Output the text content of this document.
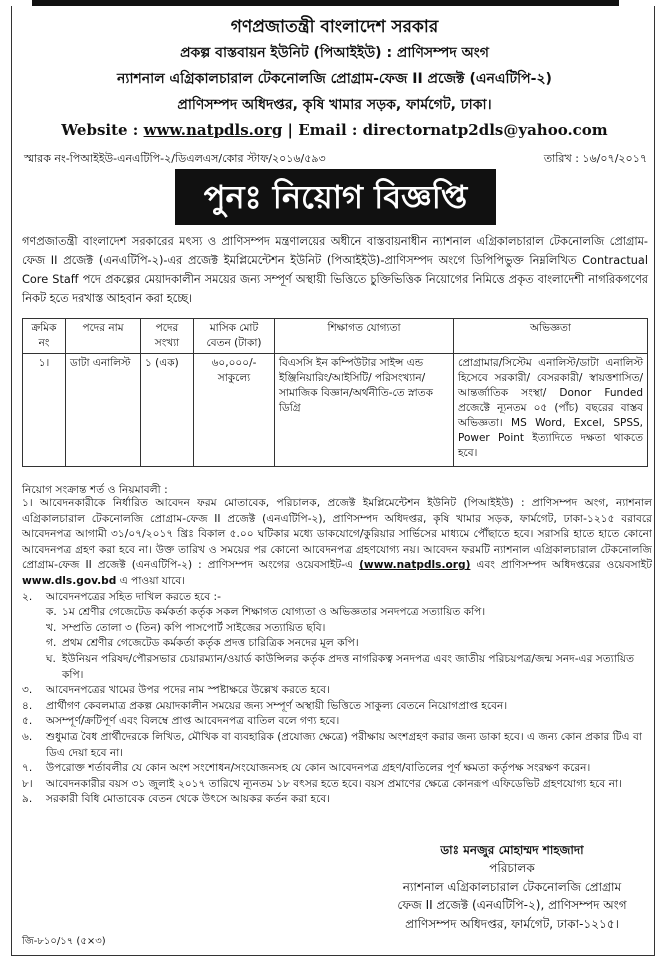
গণপ্রজাতন্ত্রী বাংলাদেশ সরকার
প্রকল্প বাস্তবায়ন ইউনিট (পিআইইউ) : প্রাণিসম্পদ অংগ
ন্যাশনাল এগ্রিকালচারাল টেকনোলজি প্রোগ্রাম-ফেজ II প্রজেক্ট (এনএটিপি-২)
প্রাণিসম্পদ অধিদপ্তর, কৃষি খামার সড়ক, ফার্মগেট, ঢাকা।
Website : www.natpdls.org | Email : directornatp2dls@yahoo.com
স্মারক নং-পিআইইউ-এনএটিপি-২/ডিএলএস/কোর স্টাফ/২০১৬/৫৯৩	তারিখ : ১৬/০৭/২০১৭
পুনঃ নিয়োগ বিজ্ঞপ্তি
গণপ্রজাতন্ত্রী বাংলাদেশ সরকারের মৎস্য ও প্রাণিসম্পদ মন্ত্রণালয়ের অধীনে বাস্তবায়নাধীন ন্যাশনাল এগ্রিকালচারাল টেকনোলজি প্রোগ্রাম-ফেজ II প্রজেক্ট (এনএটিপি-২)-এর প্রজেক্ট ইমপ্লিমেন্টেশন ইউনিট (পিআইইউ)-প্রাণিসম্পদ অংগে ডিপিপিভুক্ত নিম্নলিখিত Contractual Core Staff পদে প্রকল্পের মেয়াদকালীন সময়ের জন্য সম্পূর্ণ অস্থায়ী ভিত্তিতে চুক্তিভিত্তিক নিয়োগের নিমিত্তে প্রকৃত বাংলাদেশী নাগরিকগণের নিকট হতে দরখাস্ত আহবান করা হচ্ছে।
ক্রমিক নং	পদের নাম	পদের সংখ্যা	মাসিক মোট বেতন (টাকা)	শিক্ষাগত যোগ্যতা	অভিজ্ঞতা
১।	ডাটা এনালিস্ট	১ (এক)	৬০,০০০/- সাকুল্যে	বিএসসি ইন কম্পিউটার সাইন্স এন্ড ইঞ্জিনিয়ারিং/আইসিটি/ পরিসংখ্যান/ সামাজিক বিজ্ঞান/অর্থনীতি-তে স্নাতক ডিগ্রি	প্রোগ্রামার/সিস্টেম এনালিস্ট/ডাটা এনালিস্ট হিসেবে সরকারী/ বেসরকারী/ স্বায়ত্তশাসিত/ আন্তর্জাতিক সংস্থা/ Donor Funded প্রজেক্টে ন্যূনতম ০৫ (পাঁচ) বছরের বাস্তব অভিজ্ঞতা। MS Word, Excel, SPSS, Power Point ইত্যাদিতে দক্ষতা থাকতে হবে।
নিয়োগ সংক্রান্ত শর্ত ও নিয়মাবলী :
১। আবেদনকারীকে নির্ধারিত আবেদন ফরম মোতাবেক, পরিচালক, প্রজেক্ট ইমপ্লিমেন্টেশন ইউনিট (পিআইইউ) : প্রাণিসম্পদ অংগ, ন্যাশনাল এগ্রিকালচারাল টেকনোলজি প্রোগ্রাম-ফেজ II প্রজেক্ট (এনএটিপি-২), প্রাণিসম্পদ অধিদপ্তর, কৃষি খামার সড়ক, ফার্মগেট, ঢাকা-১২১৫ বরাবরে আবেদনপত্র আগামী ৩১/০৭/২০১৭ খ্রিঃ বিকাল ৫.০০ ঘটিকার মধ্যে ডাকযোগে/কুরিয়ার সার্ভিসের মাধ্যমে পৌঁছাতে হবে। সরাসরি হাতে হাতে কোনো আবেদনপত্র গ্রহণ করা হবে না। উক্ত তারিখ ও সময়ের পর কোনো আবেদনপত্র গ্রহণযোগ্য নয়। আবেদন ফরমটি ন্যাশনাল এগ্রিকালচারাল টেকনোলজি প্রোগ্রাম-ফেজ II প্রজেক্ট (এনএটিপি-২) : প্রাণিসম্পদ অংগের ওয়েবসাইট-এ (www.natpdls.org) এবং প্রাণিসম্পদ অধিদপ্তরের ওয়েবসাইট www.dls.gov.bd এ পাওয়া যাবে।
২.	আবেদনপত্রের সহিত দাখিল করতে হবে :-
ক. ১ম শ্রেণীর গেজেটেড কর্মকর্তা কর্তৃক সকল শিক্ষাগত যোগ্যতা ও অভিজ্ঞতার সনদপত্রে সত্যায়িত কপি।
খ. সম্প্রতি তোলা ৩ (তিন) কপি পাসপোর্ট সাইজের সত্যায়িত ছবি।
গ. প্রথম শ্রেণীর গেজেটেড কর্মকর্তা কর্তৃক প্রদত্ত চারিত্রিক সনদের মূল কপি।
ঘ. ইউনিয়ন পরিষদ/পৌরসভার চেয়ারম্যান/ওয়ার্ড কাউন্সিলর কর্তৃক প্রদত্ত নাগরিকত্ব সনদপত্র এবং জাতীয় পরিচয়পত্র/জন্ম সনদ-এর সত্যায়িত কপি।
৩.	আবেদনপত্রের খামের উপর পদের নাম স্পষ্টাক্ষরে উল্লেখ করতে হবে।
৪.	প্রার্থীগণ কেবলমাত্র প্রকল্প মেয়াদকালীন সময়ের জন্য সম্পূর্ণ অস্থায়ী ভিত্তিতে সাকুল্য বেতনে নিয়োগপ্রাপ্ত হবেন।
৫.	অসম্পূর্ণ/ক্রটিপূর্ণ এবং বিলম্বে প্রাপ্ত আবেদনপত্র বাতিল বলে গণ্য হবে।
৬.	শুধুমাত্র বৈধ প্রার্থীদেরকে লিখিত, মৌখিক বা ব্যবহারিক (প্রযোজ্য ক্ষেত্রে) পরীক্ষায় অংশগ্রহণ করার জন্য ডাকা হবে। এ জন্য কোন প্রকার টিএ বা ডিএ দেয়া হবে না।
৭.	উপরোক্ত শর্তাবলীর যে কোন অংশ সংশোধন/সংযোজনসহ যে কোন আবেদনপত্র গ্রহণ/বাতিলের পূর্ণ ক্ষমতা কর্তৃপক্ষ সংরক্ষণ করেন।
৮।	আবেদনকারীর বয়স ৩১ জুলাই ২০১৭ তারিখে ন্যূনতম ১৮ বৎসর হতে হবে। বয়স প্রমাণের ক্ষেত্রে কোনরূপ এফিডেভিট গ্রহণযোগ্য হবে না।
৯.	সরকারী বিধি মোতাবেক বেতন থেকে উৎসে আয়কর কর্তন করা হবে।
ডাঃ মনজুর মোহাম্মদ শাহজাদা
পরিচালক
ন্যাশনাল এগ্রিকালচারাল টেকনোলজি প্রোগ্রাম
ফেজ II প্রজেক্ট (এনএটিপি-২), প্রাণিসম্পদ অংগ
প্রাণিসম্পদ অধিদপ্তর, ফার্মগেট, ঢাকা-১২১৫।
জি-৮১০/১৭ (৫×৩)
